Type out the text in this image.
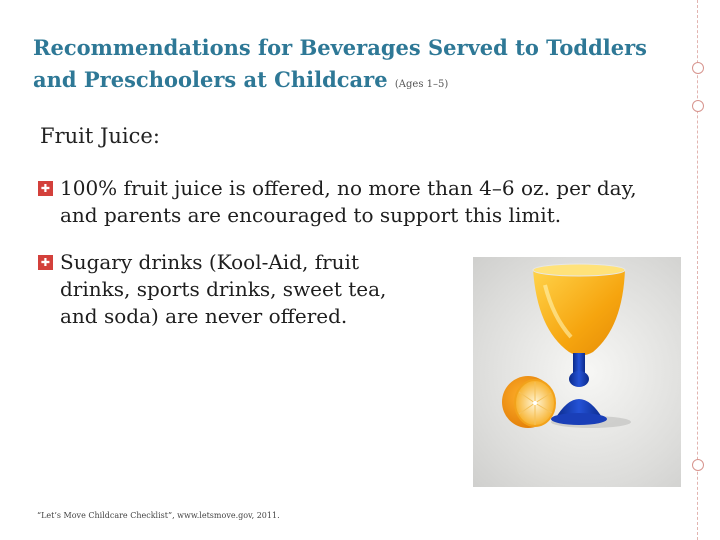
Recommendations for Beverages Served to Toddlers and Preschoolers at Childcare (Ages 1–5)
Fruit Juice:
✚ 100% fruit juice is offered, no more than 4–6 oz. per day, and parents are encouraged to support this limit.
✚ Sugary drinks (Kool-Aid, fruit drinks, sports drinks, sweet tea, and soda) are never offered.
“Let’s Move Childcare Checklist”, www.letsmove.gov, 2011.
